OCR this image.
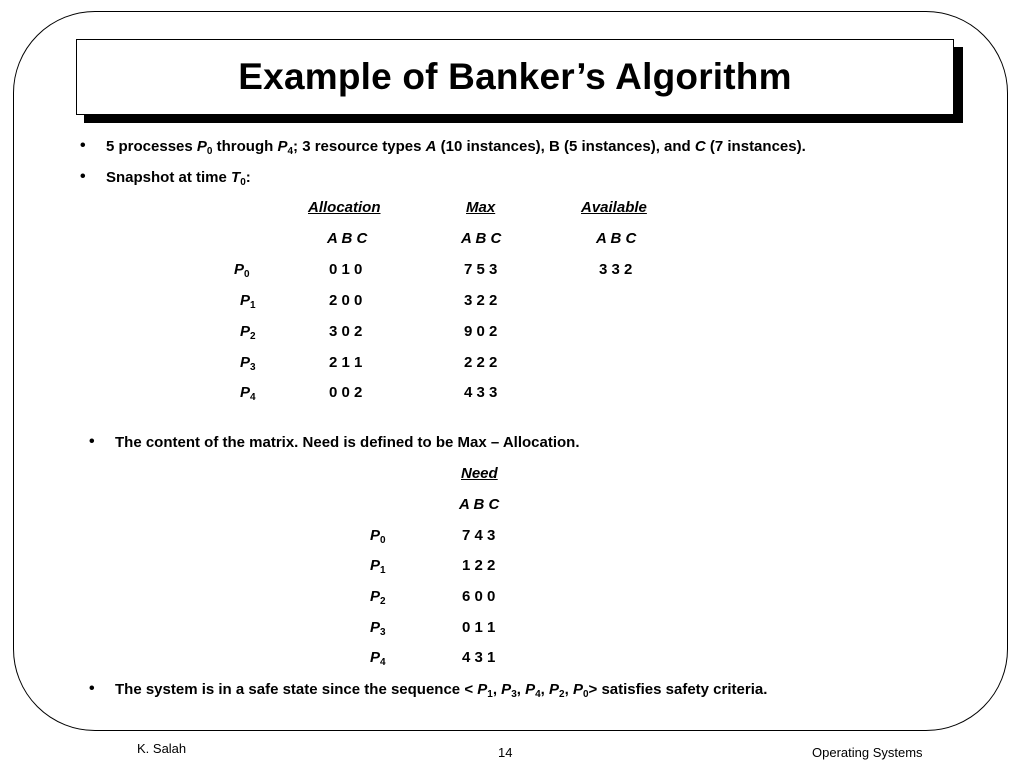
Example of Banker’s Algorithm
• 5 processes $P_0$ through $P_4$; 3 resource types A (10 instances), B (5 instances), and C (7 instances).
• Snapshot at time $T_0$:
Allocation	Max	Available
A B C	A B C	A B C
$P_0$	0 1 0	7 5 3	3 3 2
$P_1$	2 0 0	3 2 2
$P_2$	3 0 2	9 0 2
$P_3$	2 1 1	2 2 2
$P_4$	0 0 2	4 3 3
• The content of the matrix. Need is defined to be Max – Allocation.
Need
A B C
$P_0$	7 4 3
$P_1$	1 2 2
$P_2$	6 0 0
$P_3$	0 1 1
$P_4$	4 3 1
• The system is in a safe state since the sequence < $P_1$, $P_3$, $P_4$, $P_2$, $P_0>$ satisfies safety criteria.
K. Salah	14	Operating Systems
